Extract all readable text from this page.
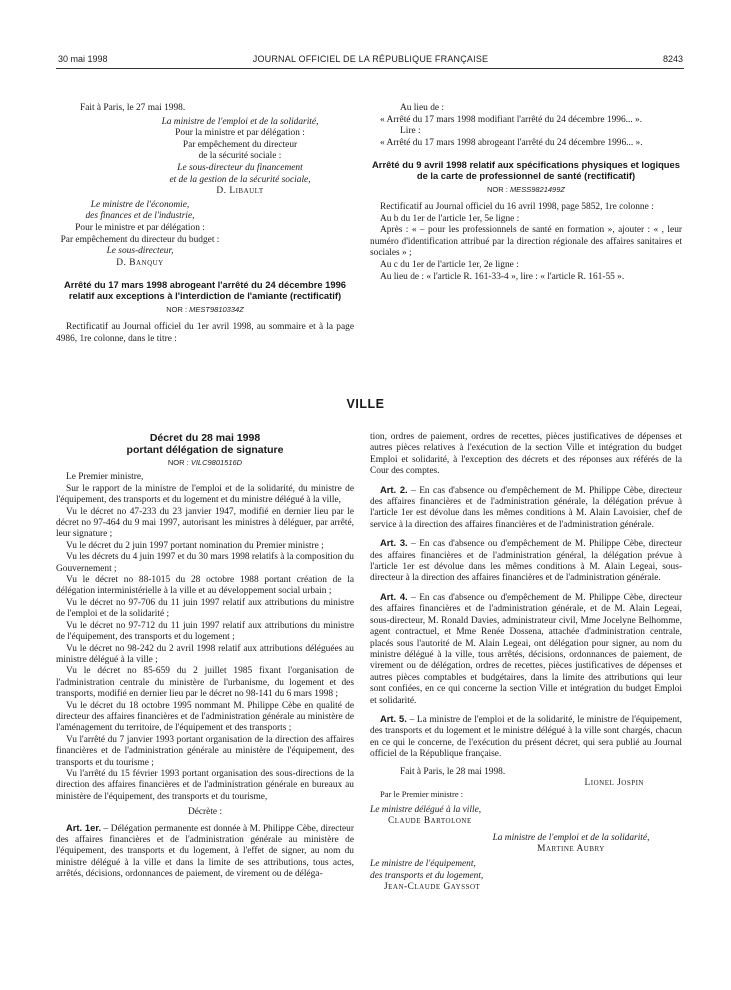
30 mai 1998	JOURNAL OFFICIEL DE LA RÉPUBLIQUE FRANÇAISE	8243

Fait à Paris, le 27 mai 1998.

La ministre de l'emploi et de la solidarité,

Pour la ministre et par délégation :

Par empêchement du directeur

de la sécurité sociale :

Le sous-directeur du financement

et de la gestion de la sécurité sociale,

D. Libault

Le ministre de l'économie,

des finances et de l'industrie,

Pour le ministre et par délégation :

Par empêchement du directeur du budget :

Le sous-directeur,

D. Banquy

Arrêté du 17 mars 1998 abrogeant l'arrêté du 24 décembre 1996 relatif aux exceptions à l'interdiction de l'amiante (rectificatif)

NOR : MEST9810334Z

Rectificatif au Journal officiel du 1er avril 1998, au sommaire et à la page 4986, 1re colonne, dans le titre :

Au lieu de :

« Arrêté du 17 mars 1998 modifiant l'arrêté du 24 décembre 1996... ».

Lire :

« Arrêté du 17 mars 1998 abrogeant l'arrêté du 24 décembre 1996... ».

Arrêté du 9 avril 1998 relatif aux spécifications physiques et logiques de la carte de professionnel de santé (rectificatif)

NOR : MESS9821499Z

Rectificatif au Journal officiel du 16 avril 1998, page 5852, 1re colonne :

Au b du 1er de l'article 1er, 5e ligne :

Après : « – pour les professionnels de santé en formation », ajouter : « , leur numéro d'identification attribué par la direction régionale des affaires sanitaires et sociales » ;

Au c du 1er de l'article 1er, 2e ligne :

Au lieu de : « l'article R. 161-33-4 », lire : « l'article R. 161-55 ».

VILLE

Décret du 28 mai 1998

portant délégation de signature

NOR : VILC9801516D

Le Premier ministre,

Sur le rapport de la ministre de l'emploi et de la solidarité, du ministre de l'équipement, des transports et du logement et du ministre délégué à la ville,

Vu le décret no 47-233 du 23 janvier 1947, modifié en dernier lieu par le décret no 97-464 du 9 mai 1997, autorisant les ministres à déléguer, par arrêté, leur signature ;

Vu le décret du 2 juin 1997 portant nomination du Premier ministre ;

Vu les décrets du 4 juin 1997 et du 30 mars 1998 relatifs à la composition du Gouvernement ;

Vu le décret no 88-1015 du 28 octobre 1988 portant création de la délégation interministérielle à la ville et au développement social urbain ;

Vu le décret no 97-706 du 11 juin 1997 relatif aux attributions du ministre de l'emploi et de la solidarité ;

Vu le décret no 97-712 du 11 juin 1997 relatif aux attributions du ministre de l'équipement, des transports et du logement ;

Vu le décret no 98-242 du 2 avril 1998 relatif aux attributions déléguées au ministre délégué à la ville ;

Vu le décret no 85-659 du 2 juillet 1985 fixant l'organisation de l'administration centrale du ministère de l'urbanisme, du logement et des transports, modifié en dernier lieu par le décret no 98-141 du 6 mars 1998 ;

Vu le décret du 18 octobre 1995 nommant M. Philippe Cèbe en qualité de directeur des affaires financières et de l'administration générale au ministère de l'aménagement du territoire, de l'équipement et des transports ;

Vu l'arrêté du 7 janvier 1993 portant organisation de la direction des affaires financières et de l'administration générale au ministère de l'équipement, des transports et du tourisme ;

Vu l'arrêté du 15 février 1993 portant organisation des sous-directions de la direction des affaires financières et de l'administration générale en bureaux au ministère de l'équipement, des transports et du tourisme,

Décrète :

Art. 1er. – Délégation permanente est donnée à M. Philippe Cèbe, directeur des affaires financières et de l'administration générale au ministère de l'équipement, des transports et du logement, à l'effet de signer, au nom du ministre délégué à la ville et dans la limite de ses attributions, tous actes, arrêtés, décisions, ordonnances de paiement, de virement ou de déléga-

tion, ordres de paiement, ordres de recettes, pièces justificatives de dépenses et autres pièces relatives à l'exécution de la section Ville et intégration du budget Emploi et solidarité, à l'exception des décrets et des réponses aux référés de la Cour des comptes.

Art. 2. – En cas d'absence ou d'empêchement de M. Philippe Cèbe, directeur des affaires financières et de l'administration générale, la délégation prévue à l'article 1er est dévolue dans les mêmes conditions à M. Alain Lavoisier, chef de service à la direction des affaires financières et de l'administration générale.

Art. 3. – En cas d'absence ou d'empêchement de M. Philippe Cèbe, directeur des affaires financières et de l'administration général, la délégation prévue à l'article 1er est dévolue dans les mêmes conditions à M. Alain Legeai, sous-directeur à la direction des affaires financières et de l'administration générale.

Art. 4. – En cas d'absence ou d'empêchement de M. Philippe Cèbe, directeur des affaires financières et de l'administration générale, et de M. Alain Legeai, sous-directeur, M. Ronald Davies, administrateur civil, Mme Jocelyne Belhomme, agent contractuel, et Mme Renée Dossena, attachée d'administration centrale, placés sous l'autorité de M. Alain Legeai, ont délégation pour signer, au nom du ministre délégué à la ville, tous arrêtés, décisions, ordonnances de paiement, de virement ou de délégation, ordres de recettes, pièces justificatives de dépenses et autres pièces comptables et budgétaires, dans la limite des attributions qui leur sont confiées, en ce qui concerne la section Ville et intégration du budget Emploi et solidarité.

Art. 5. – La ministre de l'emploi et de la solidarité, le ministre de l'équipement, des transports et du logement et le ministre délégué à la ville sont chargés, chacun en ce qui le concerne, de l'exécution du présent décret, qui sera publié au Journal officiel de la République française.

Fait à Paris, le 28 mai 1998.

Lionel Jospin

Par le Premier ministre :

Le ministre délégué à la ville,

Claude Bartolone

La ministre de l'emploi et de la solidarité,

Martine Aubry

Le ministre de l'équipement,

des transports et du logement,

Jean-Claude Gayssot
